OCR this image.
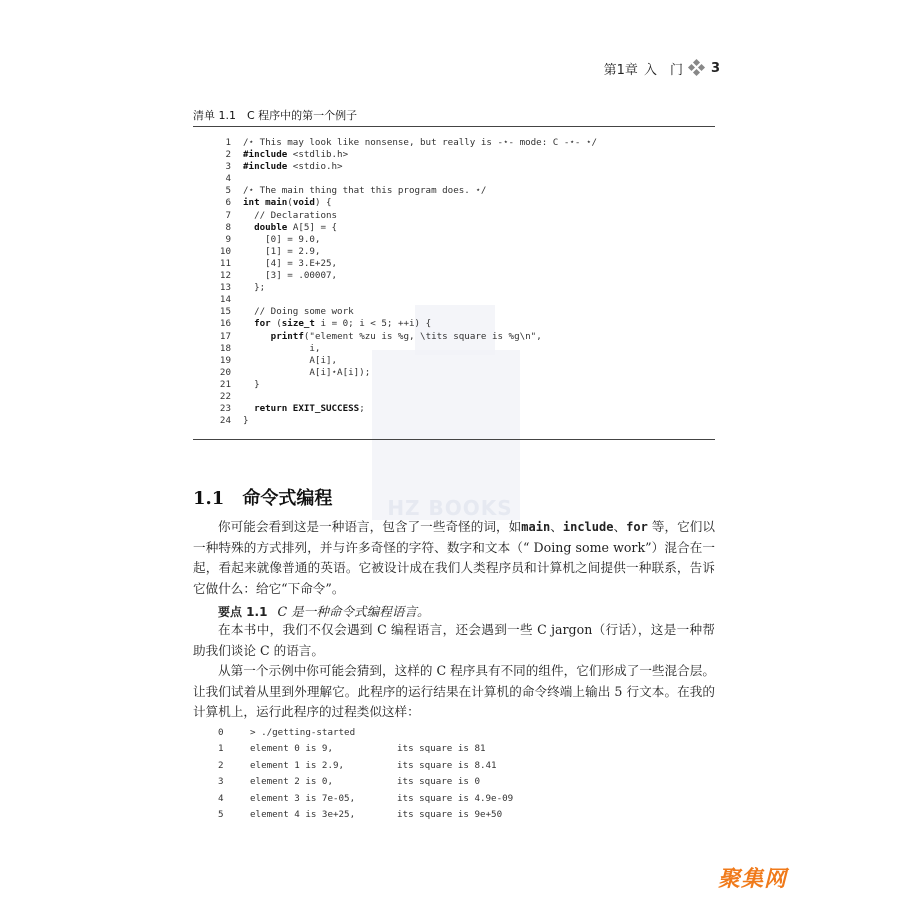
HZ BOOKS
第1章 入　门 3
清单 1.1　C 程序中的第一个例子
1 /⋆ This may look like nonsense, but really is -⋆- mode: C -⋆- ⋆/
2 #include <stdlib.h>
3 #include <stdio.h>
4
5 /⋆ The main thing that this program does. ⋆/
6 int main(void) {
7 // Declarations
8	double A[5] = {
9 [0] = 9.0,
10 [1] = 2.9,
11 [4] = 3.E+25,
12 [3] = .00007,
13 };
14
15 // Doing some work
16	for (size_t i = 0; i < 5; ++i) {
17	printf("element %zu is %g, \tits square is %g\n",
18 i,
19 A[i],
20 A[i]⋆A[i]);
21 }
22
23	return EXIT_SUCCESS;
24 }
1.1 命令式编程

你可能会看到这是一种语言，包含了一些奇怪的词，如main、include、for 等，它们以一种特殊的方式排列，并与许多奇怪的字符、数字和文本（“ Doing some work”）混合在一起，看起来就像普通的英语。它被设计成在我们人类程序员和计算机之间提供一种联系，告诉它做什么：给它“下命令”。

要点 1.1 C 是一种命令式编程语言。

在本书中，我们不仅会遇到 C 编程语言，还会遇到一些 C jargon（行话），这是一种帮助我们谈论 C 的语言。

从第一个示例中你可能会猜到，这样的 C 程序具有不同的组件，它们形成了一些混合层。让我们试着从里到外理解它。此程序的运行结果在计算机的命令终端上输出 5 行文本。在我的计算机上，运行此程序的过程类似这样：

0	> ./getting-started
1	element 0 is 9,	its square is 81
2	element 1 is 2.9,	its square is 8.41
3	element 2 is 0,	its square is 0
4	element 3 is 7e-05,	its square is 4.9e-09
5	element 4 is 3e+25,	its square is 9e+50
聚集网
